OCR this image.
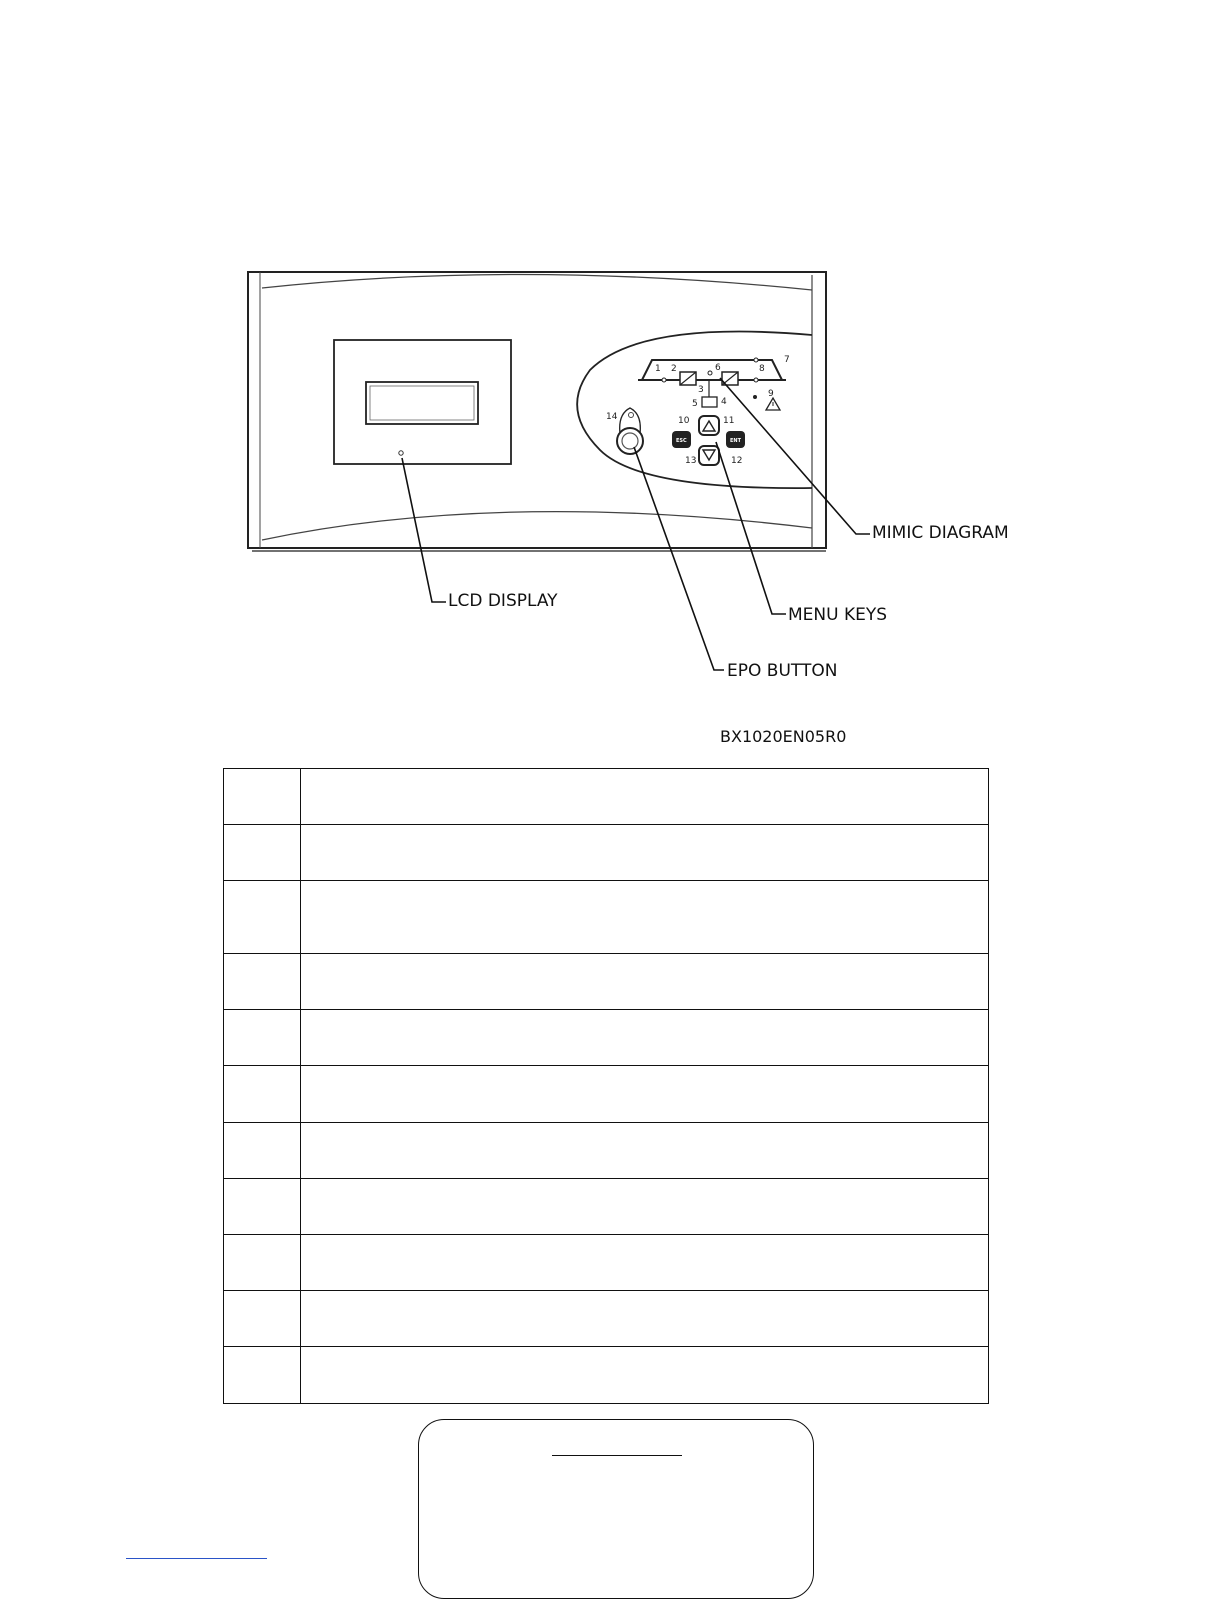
1 2
3
4
5
6
7
8
9
10	11
12
13
14
ESC	ENT
MIMIC DIAGRAM
LCD DISPLAY
MENU KEYS
EPO BUTTON
BX1020EN05R0
